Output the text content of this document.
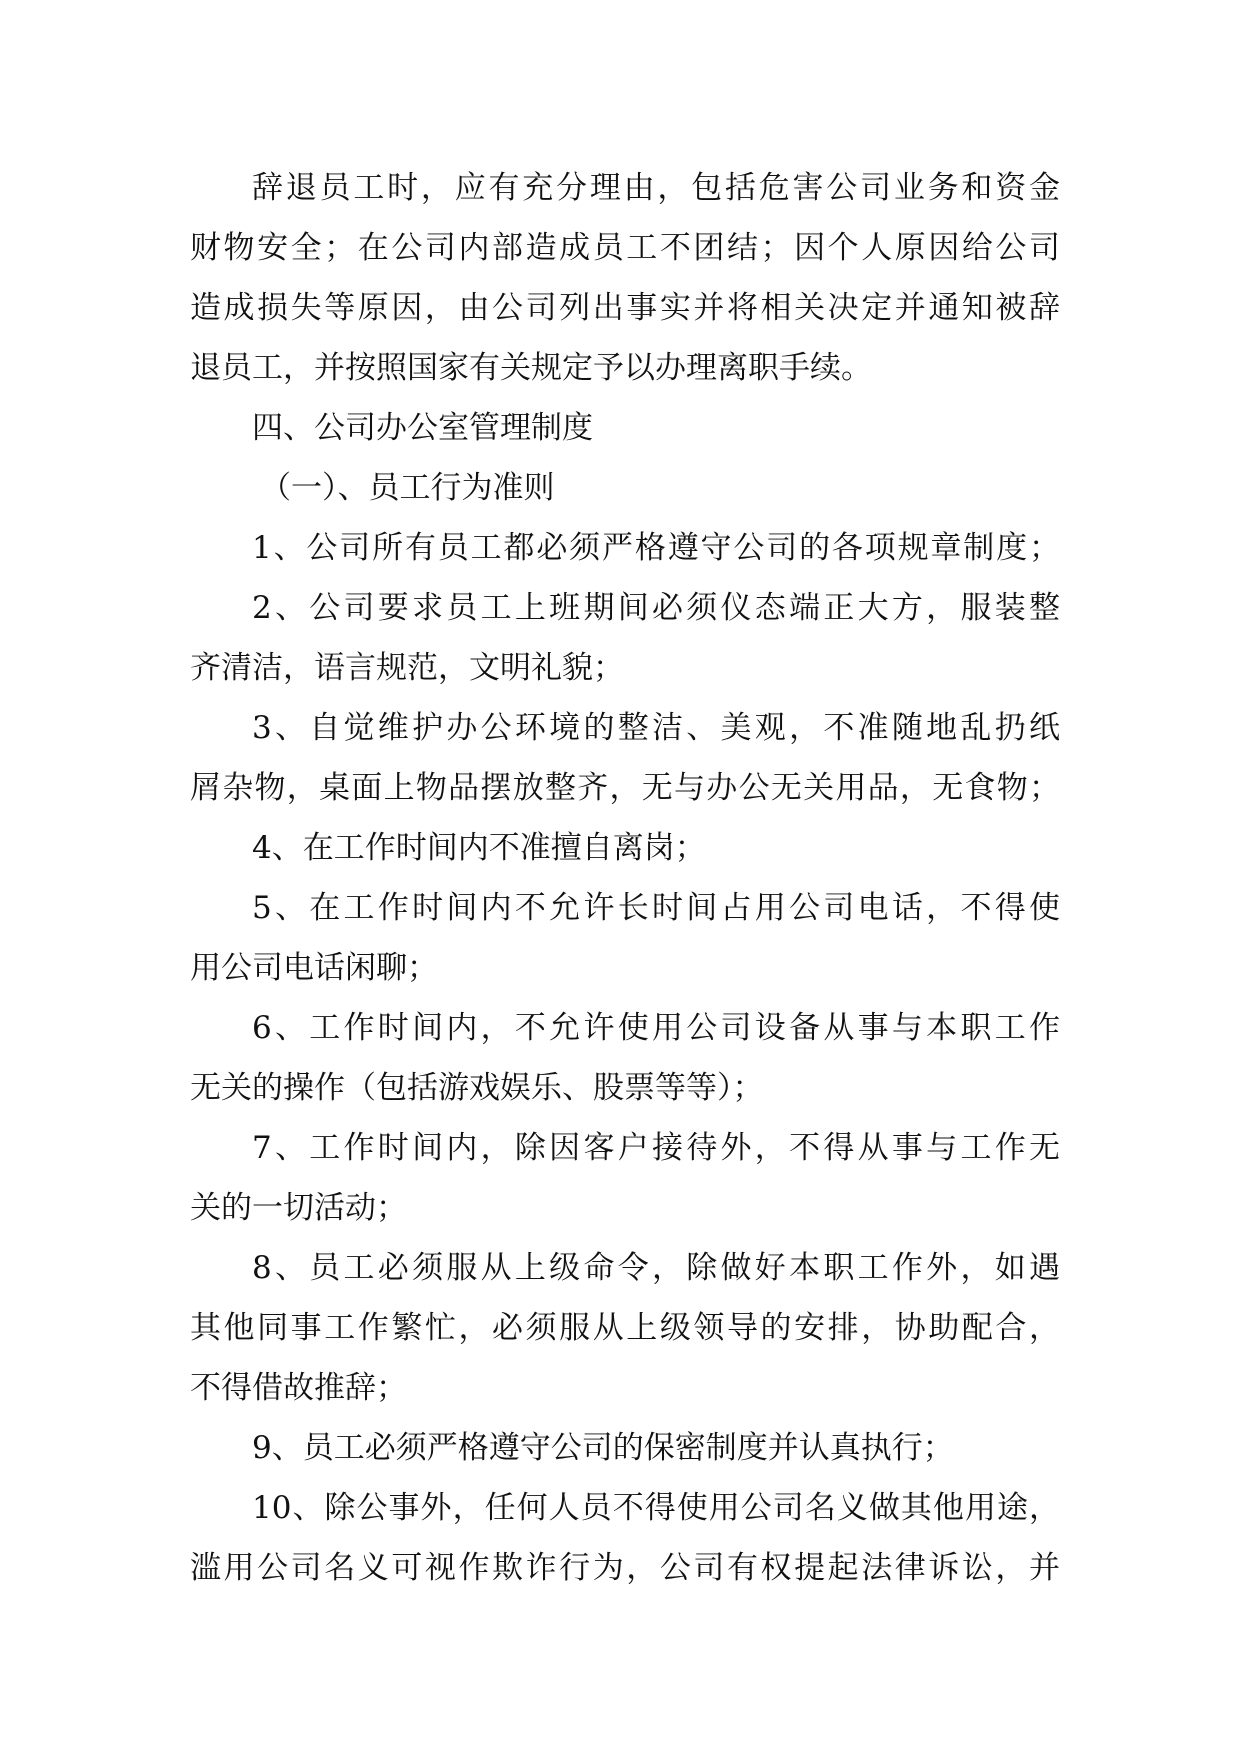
辞退员工时，应有充分理由，包括危害公司业务和资金
财物安全；在公司内部造成员工不团结；因个人原因给公司
造成损失等原因，由公司列出事实并将相关决定并通知被辞
退员工，并按照国家有关规定予以办理离职手续。
四、公司办公室管理制度
（一）、员工行为准则
1、公司所有员工都必须严格遵守公司的各项规章制度；
2、公司要求员工上班期间必须仪态端正大方，服装整
齐清洁，语言规范，文明礼貌；
3、自觉维护办公环境的整洁、美观，不准随地乱扔纸
屑杂物，桌面上物品摆放整齐，无与办公无关用品，无食物；
4、在工作时间内不准擅自离岗；
5、在工作时间内不允许长时间占用公司电话，不得使
用公司电话闲聊；
6、工作时间内，不允许使用公司设备从事与本职工作
无关的操作（包括游戏娱乐、股票等等）；
7、工作时间内，除因客户接待外，不得从事与工作无
关的一切活动；
8、员工必须服从上级命令，除做好本职工作外，如遇
其他同事工作繁忙，必须服从上级领导的安排，协助配合，
不得借故推辞；
9、员工必须严格遵守公司的保密制度并认真执行；
10、除公事外，任何人员不得使用公司名义做其他用途，
滥用公司名义可视作欺诈行为，公司有权提起法律诉讼，并
